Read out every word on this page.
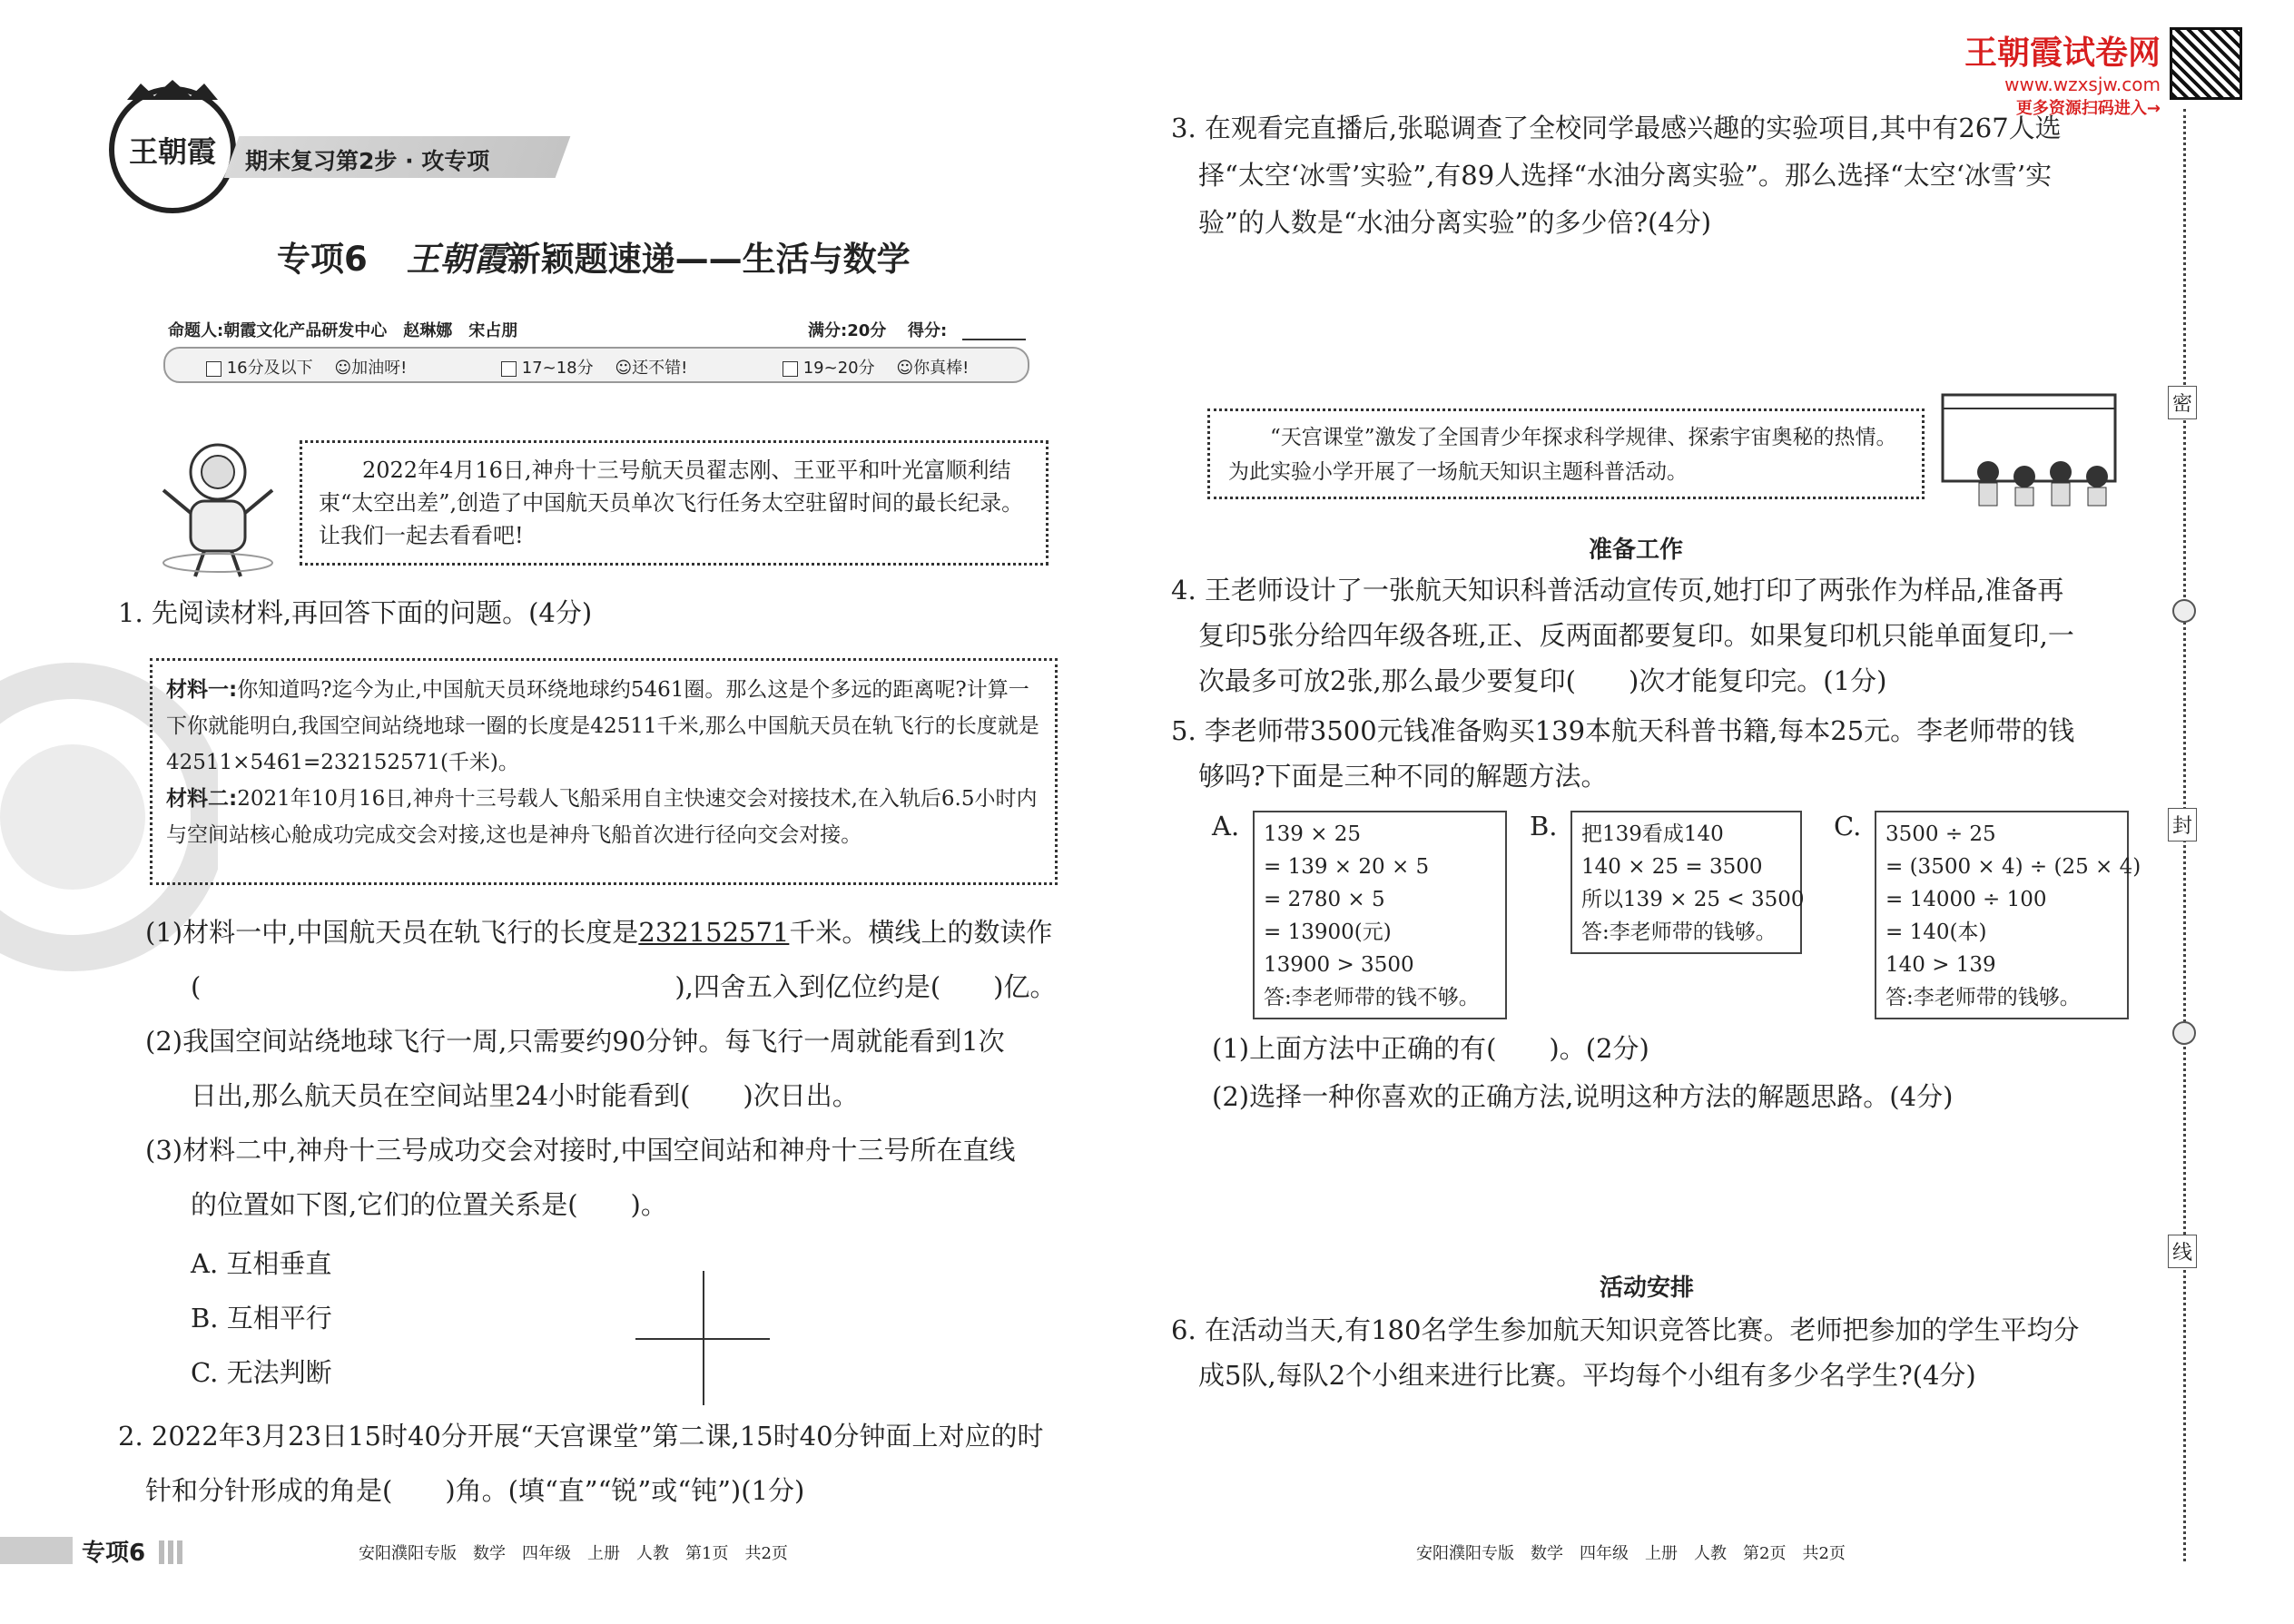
王朝霞试卷网
www.wzxsjw.com
更多资源扫码进入→
密
封
线
王朝霞 期末复习第2步 · 攻专项
专项6 王朝霞新颖题速递——生活与数学
命题人:朝霞文化产品研发中心　赵琳娜　宋占朋	满分:20分 得分:
16分及以下 ☺加油呀!	17~18分 ☺还不错!	19~20分 ☺你真棒!
2022年4月16日,神舟十三号航天员翟志刚、王亚平和叶光富顺利结束“太空出差”,创造了中国航天员单次飞行任务太空驻留时间的最长纪录。让我们一起去看看吧!
1. 先阅读材料,再回答下面的问题。(4分)
材料一:你知道吗?迄今为止,中国航天员环绕地球约5461圈。那么这是个多远的距离呢?计算一下你就能明白,我国空间站绕地球一圈的长度是42511千米,那么中国航天员在轨飞行的长度就是42511×5461=232152571(千米)。
材料二:2021年10月16日,神舟十三号载人飞船采用自主快速交会对接技术,在入轨后6.5小时内与空间站核心舱成功完成交会对接,这也是神舟飞船首次进行径向交会对接。
(1)材料一中,中国航天员在轨飞行的长度是232152571千米。横线上的数读作
(　　　　　　　　　　　　　　　　　　),四舍五入到亿位约是(　　)亿。
(2)我国空间站绕地球飞行一周,只需要约90分钟。每飞行一周就能看到1次
日出,那么航天员在空间站里24小时能看到(　　)次日出。
(3)材料二中,神舟十三号成功交会对接时,中国空间站和神舟十三号所在直线
的位置如下图,它们的位置关系是(　　)。
A. 互相垂直
B. 互相平行
C. 无法判断
2. 2022年3月23日15时40分开展“天宫课堂”第二课,15时40分钟面上对应的时
针和分针形成的角是(　　)角。(填“直”“锐”或“钝”)(1分)
专项6	安阳濮阳专版　数学　四年级　上册　人教　第1页　共2页
3. 在观看完直播后,张聪调查了全校同学最感兴趣的实验项目,其中有267人选
择“太空‘冰雪’实验”,有89人选择“水油分离实验”。那么选择“太空‘冰雪’实
验”的人数是“水油分离实验”的多少倍?(4分)
“天宫课堂”激发了全国青少年探求科学规律、探索宇宙奥秘的热情。为此实验小学开展了一场航天知识主题科普活动。
准备工作
4. 王老师设计了一张航天知识科普活动宣传页,她打印了两张作为样品,准备再
复印5张分给四年级各班,正、反两面都要复印。如果复印机只能单面复印,一
次最多可放2张,那么最少要复印(　　)次才能复印完。(1分)
5. 李老师带3500元钱准备购买139本航天科普书籍,每本25元。李老师带的钱
够吗?下面是三种不同的解题方法。
A. 139 × 25
= 139 × 20 × 5
= 2780 × 5
= 13900(元)
13900 > 3500
答:李老师带的钱不够。
B. 把139看成140
140 × 25 = 3500
所以139 × 25 < 3500
答:李老师带的钱够。
C. 3500 ÷ 25
= (3500 × 4) ÷ (25 × 4)
= 14000 ÷ 100
= 140(本)
140 > 139
答:李老师带的钱够。
(1)上面方法中正确的有(　　)。(2分)
(2)选择一种你喜欢的正确方法,说明这种方法的解题思路。(4分)
活动安排
6. 在活动当天,有180名学生参加航天知识竞答比赛。老师把参加的学生平均分
成5队,每队2个小组来进行比赛。平均每个小组有多少名学生?(4分)
安阳濮阳专版　数学　四年级　上册　人教　第2页　共2页
